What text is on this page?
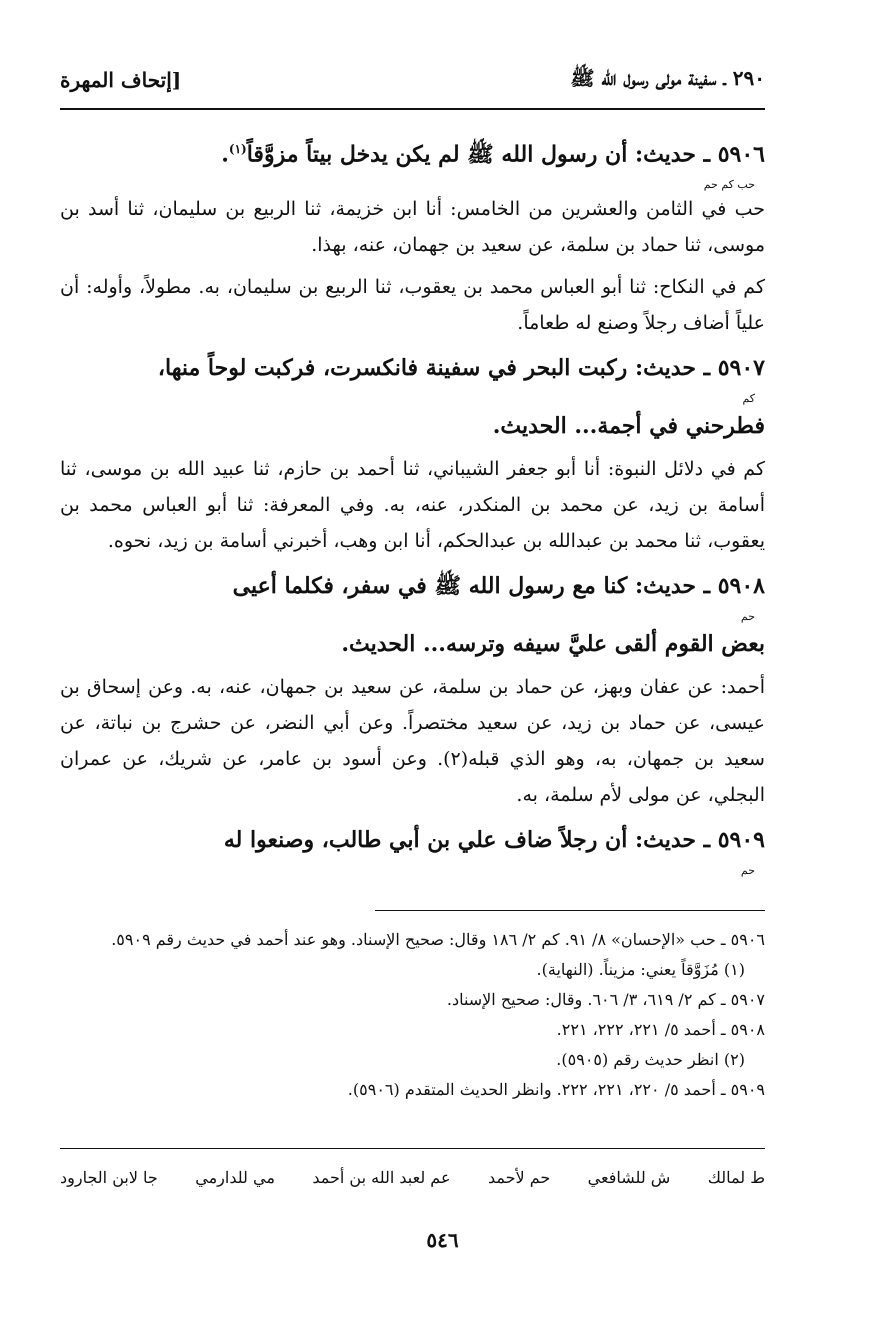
٢٩٠ ـ سفينة مولى رسول الله ﷺ
[إتحاف المهرة
٥٩٠٦ ـ حديث: أن رسول الله ﷺ لم يكن يدخل بيتاً مزوَّقاً$^{(١)}$.
حب كم حم

حب في الثامن والعشرين من الخامس: أنا ابن خزيمة، ثنا الربيع بن سليمان، ثنا أسد بن موسى، ثنا حماد بن سلمة، عن سعيد بن جهمان، عنه، بهذا.

كم في النكاح: ثنا أبو العباس محمد بن يعقوب، ثنا الربيع بن سليمان، به. مطولاً، وأوله: أن علياً أضاف رجلاً وصنع له طعاماً.

٥٩٠٧ ـ حديث: ركبت البحر في سفينة فانكسرت، فركبت لوحاً منها،
كم
فطرحني في أجمة... الحديث.

كم في دلائل النبوة: أنا أبو جعفر الشيباني، ثنا أحمد بن حازم، ثنا عبيد الله بن موسى، ثنا أسامة بن زيد، عن محمد بن المنكدر، عنه، به. وفي المعرفة: ثنا أبو العباس محمد بن يعقوب، ثنا محمد بن عبدالله بن عبدالحكم، أنا ابن وهب، أخبرني أسامة بن زيد، نحوه.

٥٩٠٨ ـ حديث: كنا مع رسول الله ﷺ في سفر، فكلما أعيى
حم
بعض القوم ألقى عليَّ سيفه وترسه... الحديث.

أحمد: عن عفان وبهز، عن حماد بن سلمة، عن سعيد بن جمهان، عنه، به. وعن إسحاق بن عيسى، عن حماد بن زيد، عن سعيد مختصراً. وعن أبي النضر، عن حشرج بن نباتة، عن سعيد بن جمهان، به، وهو الذي قبله(٢). وعن أسود بن عامر، عن شريك، عن عمران البجلي، عن مولى لأم سلمة، به.

٥٩٠٩ ـ حديث: أن رجلاً ضاف علي بن أبي طالب، وصنعوا له
حم
٥٩٠٦ ـ حب «الإحسان» ٨/ ٩١. كم ٢/ ١٨٦ وقال: صحيح الإسناد. وهو عند أحمد في حديث رقم ٥٩٠٩.
(١) مُزَوَّقاً يعني: مزيناً. (النهاية).
٥٩٠٧ ـ كم ٢/ ٦١٩، ٣/ ٦٠٦. وقال: صحيح الإسناد.
٥٩٠٨ ـ أحمد ٥/ ٢٢١، ٢٢٢، ٢٢١.
(٢) انظر حديث رقم (٥٩٠٥).
٥٩٠٩ ـ أحمد ٥/ ٢٢٠، ٢٢١، ٢٢٢. وانظر الحديث المتقدم (٥٩٠٦).
ط لمالك
ش للشافعي
حم لأحمد
عم لعبد الله بن أحمد
مي للدارمي
جا لابن الجارود
٥٤٦
